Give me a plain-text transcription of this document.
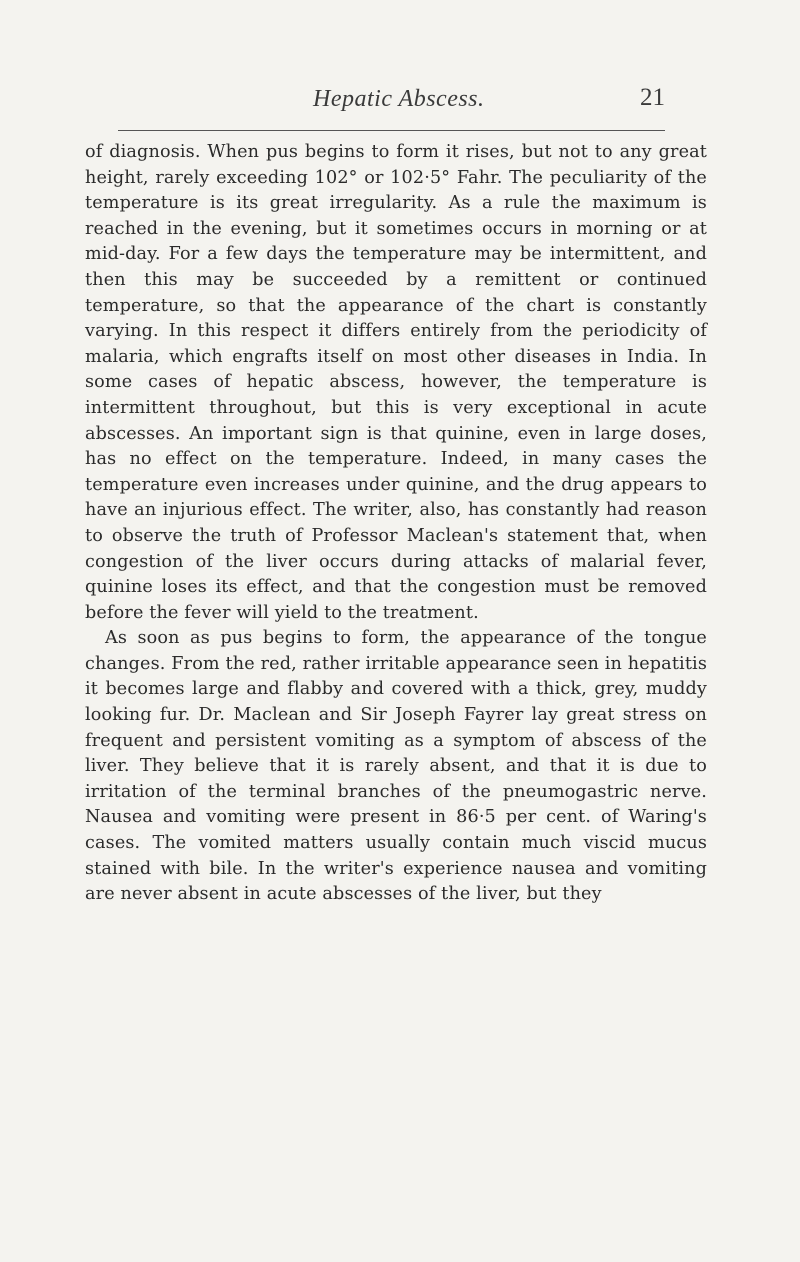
Hepatic Abscess.	21

of diagnosis. When pus begins to form it rises, but not to any great height, rarely exceeding 102° or 102·5° Fahr. The peculiarity of the temperature is its great irregularity. As a rule the maximum is reached in the evening, but it sometimes occurs in morning or at mid-day. For a few days the temperature may be intermittent, and then this may be succeeded by a remittent or continued temperature, so that the appearance of the chart is constantly varying. In this respect it differs entirely from the periodicity of malaria, which engrafts itself on most other diseases in India. In some cases of hepatic abscess, however, the temperature is intermittent throughout, but this is very exceptional in acute abscesses. An important sign is that quinine, even in large doses, has no effect on the temperature. Indeed, in many cases the temperature even increases under quinine, and the drug appears to have an injurious effect. The writer, also, has constantly had reason to observe the truth of Professor Maclean's statement that, when congestion of the liver occurs during attacks of malarial fever, quinine loses its effect, and that the congestion must be removed before the fever will yield to the treatment.

As soon as pus begins to form, the appearance of the tongue changes. From the red, rather irritable appearance seen in hepatitis it becomes large and flabby and covered with a thick, grey, muddy looking fur. Dr. Maclean and Sir Joseph Fayrer lay great stress on frequent and persistent vomiting as a symptom of abscess of the liver. They believe that it is rarely absent, and that it is due to irritation of the terminal branches of the pneumogastric nerve. Nausea and vomiting were present in 86·5 per cent. of Waring's cases. The vomited matters usually contain much viscid mucus stained with bile. In the writer's experience nausea and vomiting are never absent in acute abscesses of the liver, but they
